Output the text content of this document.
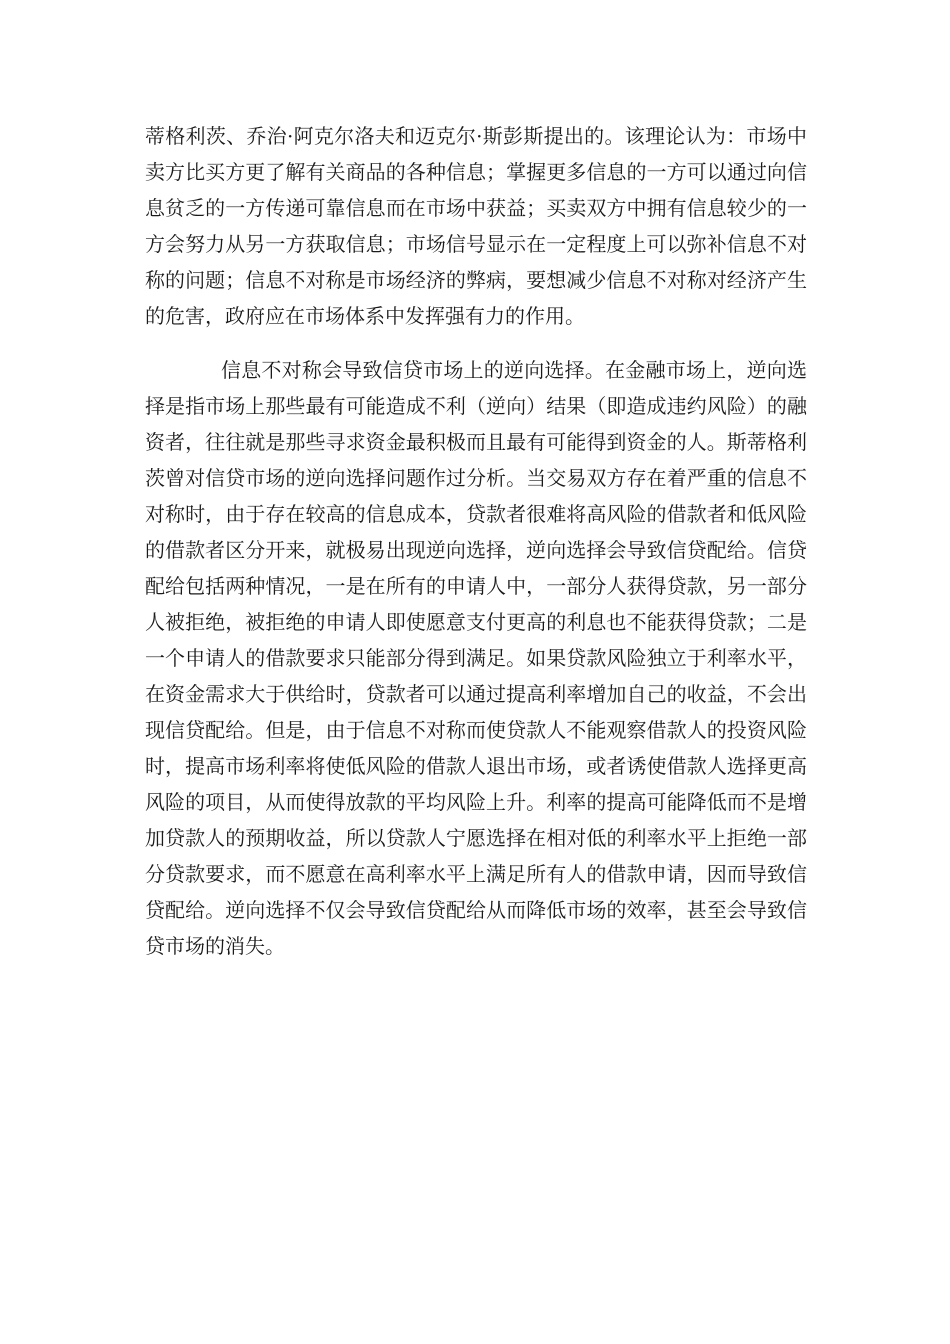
蒂格利茨、乔治·阿克尔洛夫和迈克尔·斯彭斯提出的。该理论认为：市场中卖方比买方更了解有关商品的各种信息；掌握更多信息的一方可以通过向信息贫乏的一方传递可靠信息而在市场中获益；买卖双方中拥有信息较少的一方会努力从另一方获取信息；市场信号显示在一定程度上可以弥补信息不对称的问题；信息不对称是市场经济的弊病，要想减少信息不对称对经济产生的危害，政府应在市场体系中发挥强有力的作用。

信息不对称会导致信贷市场上的逆向选择。在金融市场上，逆向选择是指市场上那些最有可能造成不利（逆向）结果（即造成违约风险）的融资者，往往就是那些寻求资金最积极而且最有可能得到资金的人。斯蒂格利茨曾对信贷市场的逆向选择问题作过分析。当交易双方存在着严重的信息不对称时，由于存在较高的信息成本，贷款者很难将高风险的借款者和低风险的借款者区分开来，就极易出现逆向选择，逆向选择会导致信贷配给。信贷配给包括两种情况，一是在所有的申请人中，一部分人获得贷款，另一部分人被拒绝，被拒绝的申请人即使愿意支付更高的利息也不能获得贷款；二是一个申请人的借款要求只能部分得到满足。如果贷款风险独立于利率水平，在资金需求大于供给时，贷款者可以通过提高利率增加自己的收益，不会出现信贷配给。但是，由于信息不对称而使贷款人不能观察借款人的投资风险时，提高市场利率将使低风险的借款人退出市场，或者诱使借款人选择更高风险的项目，从而使得放款的平均风险上升。利率的提高可能降低而不是增加贷款人的预期收益，所以贷款人宁愿选择在相对低的利率水平上拒绝一部分贷款要求，而不愿意在高利率水平上满足所有人的借款申请，因而导致信贷配给。逆向选择不仅会导致信贷配给从而降低市场的效率，甚至会导致信贷市场的消失。
